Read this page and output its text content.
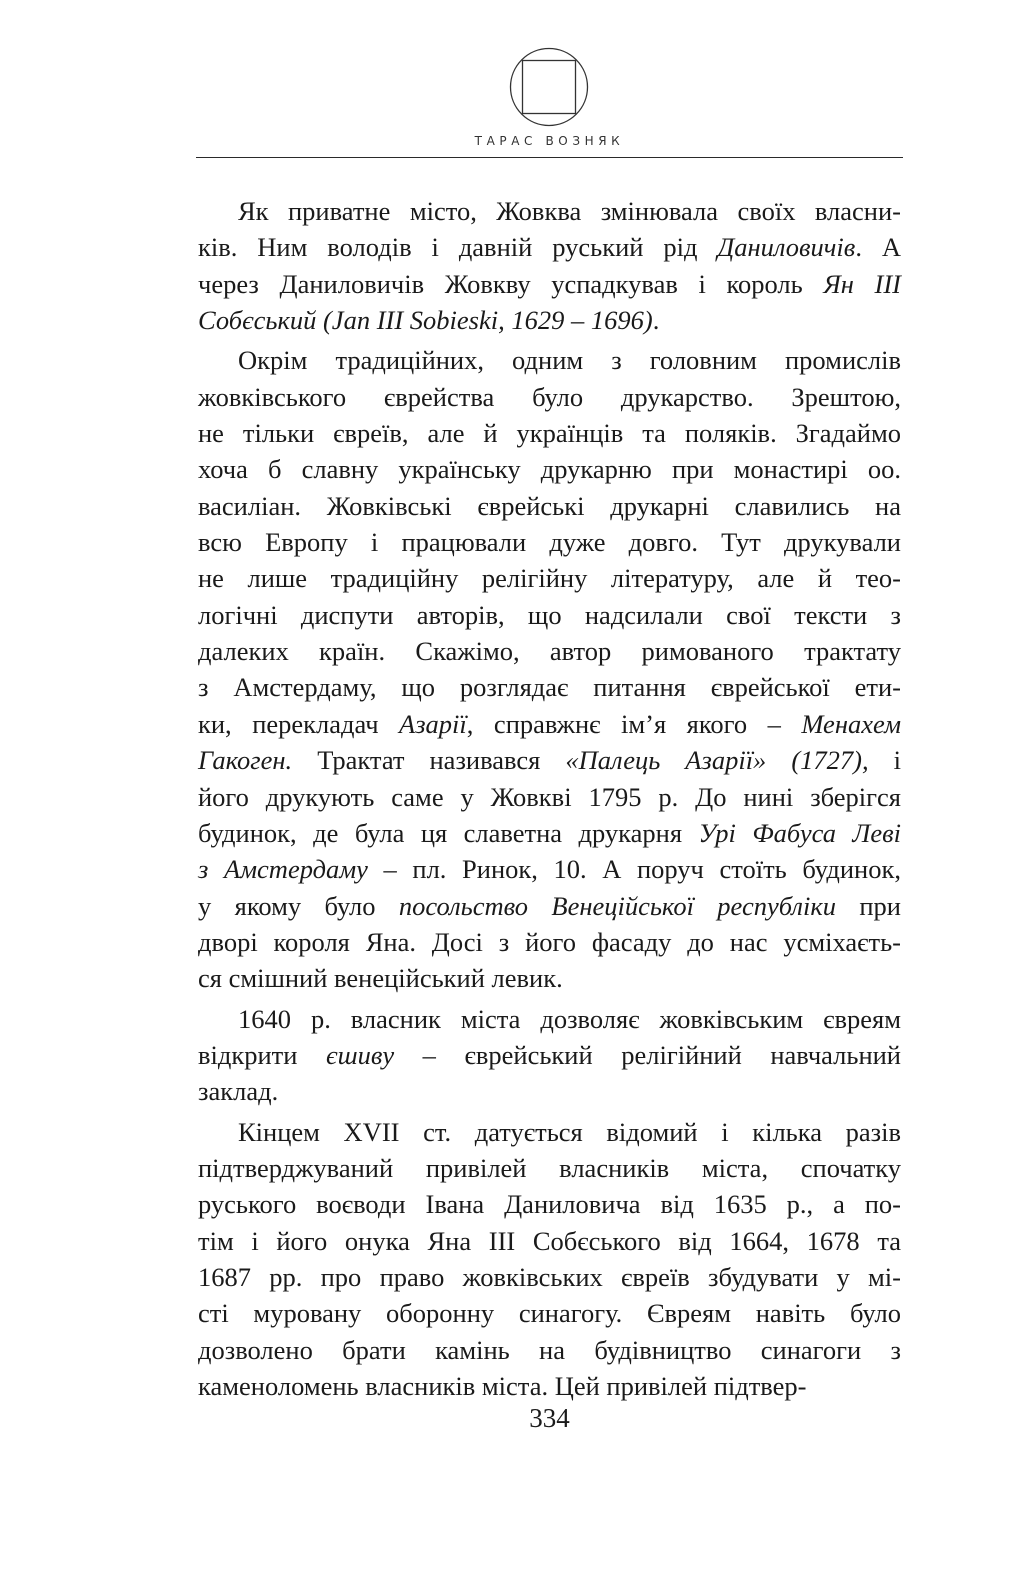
ТАРАС ВОЗНЯК
Як приватне місто, Жовква змінювала своїх власни-
ків. Ним володів і давній руський рід Даниловичів. А
через Даниловичів Жовкву успадкував і король Ян III
Собєський (Jan III Sobieski, 1629 – 1696).
Окрім традиційних, одним з головним промислів
жовківського єврейства було друкарство. Зрештою,
не тільки євреїв, але й українців та поляків. Згадаймо
хоча б славну українську друкарню при монастирі оо.
василіан. Жовківські єврейські друкарні славились на
всю Европу і працювали дуже довго. Тут друкували
не лише традиційну релігійну літературу, але й тео-
логічні диспути авторів, що надсилали свої тексти з
далеких країн. Скажімо, автор римованого трактату
з Амстердаму, що розглядає питання єврейської ети-
ки, перекладач Азарії, справжнє ім’я якого – Менахем
Гакоген. Трактат називався «Палець Азарії» (1727), і
його друкують саме у Жовкві 1795 р. До нині зберігся
будинок, де була ця славетна друкарня Урі Фабуса Леві
з Амстердаму – пл. Ринок, 10. А поруч стоїть будинок,
у якому було посольство Венеційської республіки при
дворі короля Яна. Досі з його фасаду до нас усміхаєть-
ся смішний венецiйський левик.
1640 р. власник міста дозволяє жовківським євреям
відкрити єшиву – єврейський релігійний навчальний
заклад.
Кінцем XVII ст. датується відомий і кілька разів
підтверджуваний привілей власників міста, спочатку
руського воєводи Івана Даниловича від 1635 р., а по-
тім і його онука Яна III Собєського від 1664, 1678 та
1687 рр. про право жовківських євреїв збудувати у мі-
сті муровану оборонну синагогу. Євреям навіть було
дозволено брати камінь на будівництво синагоги з
каменоломень власників міста. Цей привілей підтвер-
334
